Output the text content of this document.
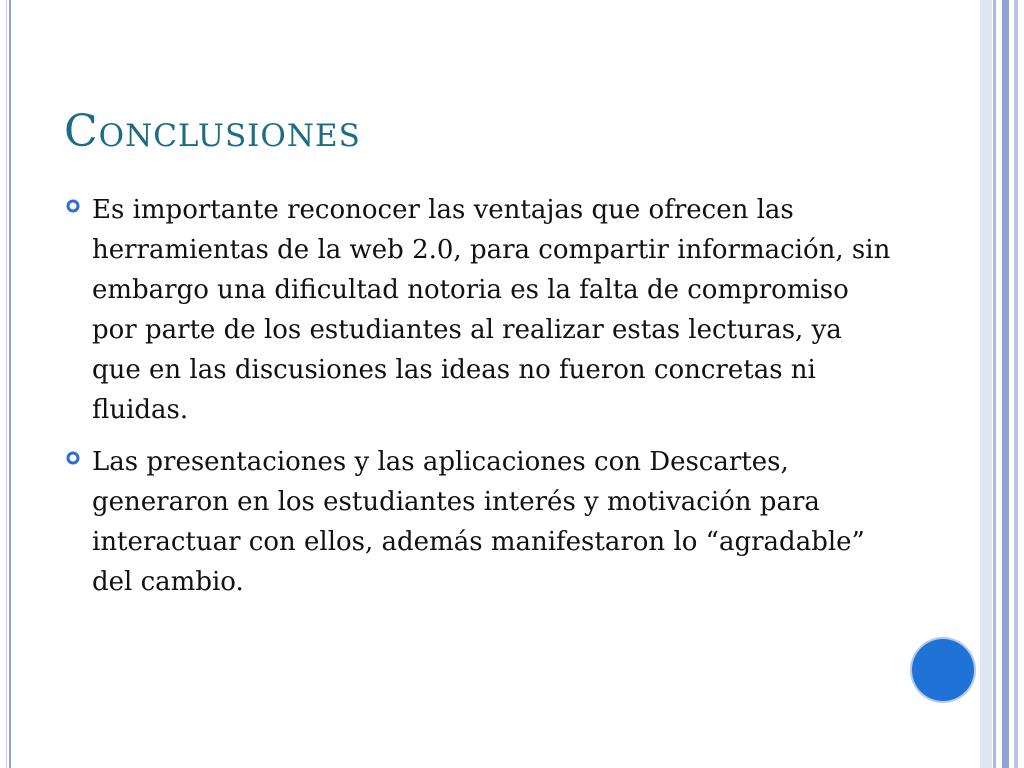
Conclusiones
Es importante reconocer las ventajas que ofrecen las herramientas de la web 2.0, para compartir información, sin embargo una dificultad notoria es la falta de compromiso por parte de los estudiantes al realizar estas lecturas, ya que en las discusiones las ideas no fueron concretas ni fluidas.
Las presentaciones y las aplicaciones con Descartes, generaron en los estudiantes interés y motivación para interactuar con ellos, además manifestaron lo “agradable” del cambio.
